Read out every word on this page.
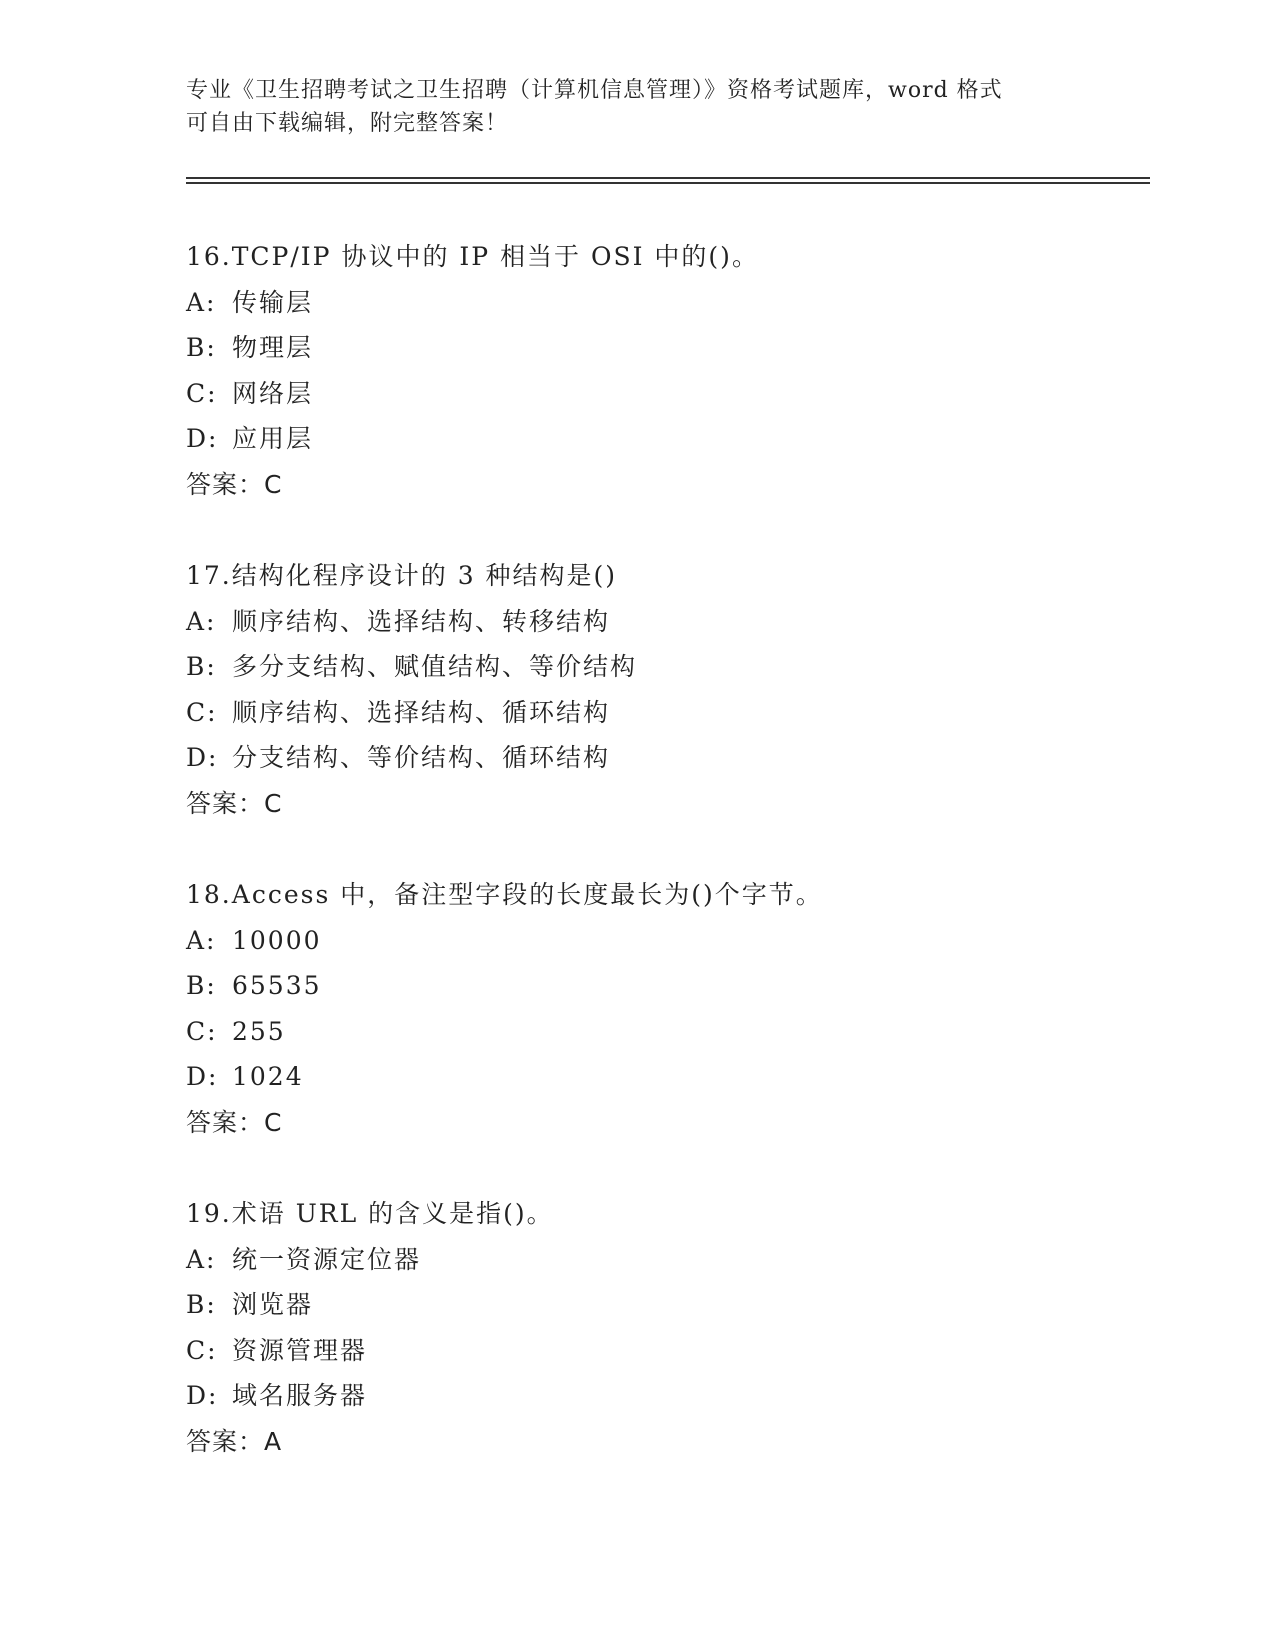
专业《卫生招聘考试之卫生招聘（计算机信息管理）》资格考试题库，word 格式
可自由下载编辑，附完整答案！
16.TCP/IP 协议中的 IP 相当于 OSI 中的()。
A: 传输层
B: 物理层
C: 网络层
D: 应用层
答案：C
17.结构化程序设计的 3 种结构是()
A: 顺序结构、选择结构、转移结构
B: 多分支结构、赋值结构、等价结构
C: 顺序结构、选择结构、循环结构
D: 分支结构、等价结构、循环结构
答案：C
18.Access 中，备注型字段的长度最长为()个字节。
A: 10000
B: 65535
C: 255
D: 1024
答案：C
19.术语 URL 的含义是指()。
A: 统一资源定位器
B: 浏览器
C: 资源管理器
D: 域名服务器
答案：A
